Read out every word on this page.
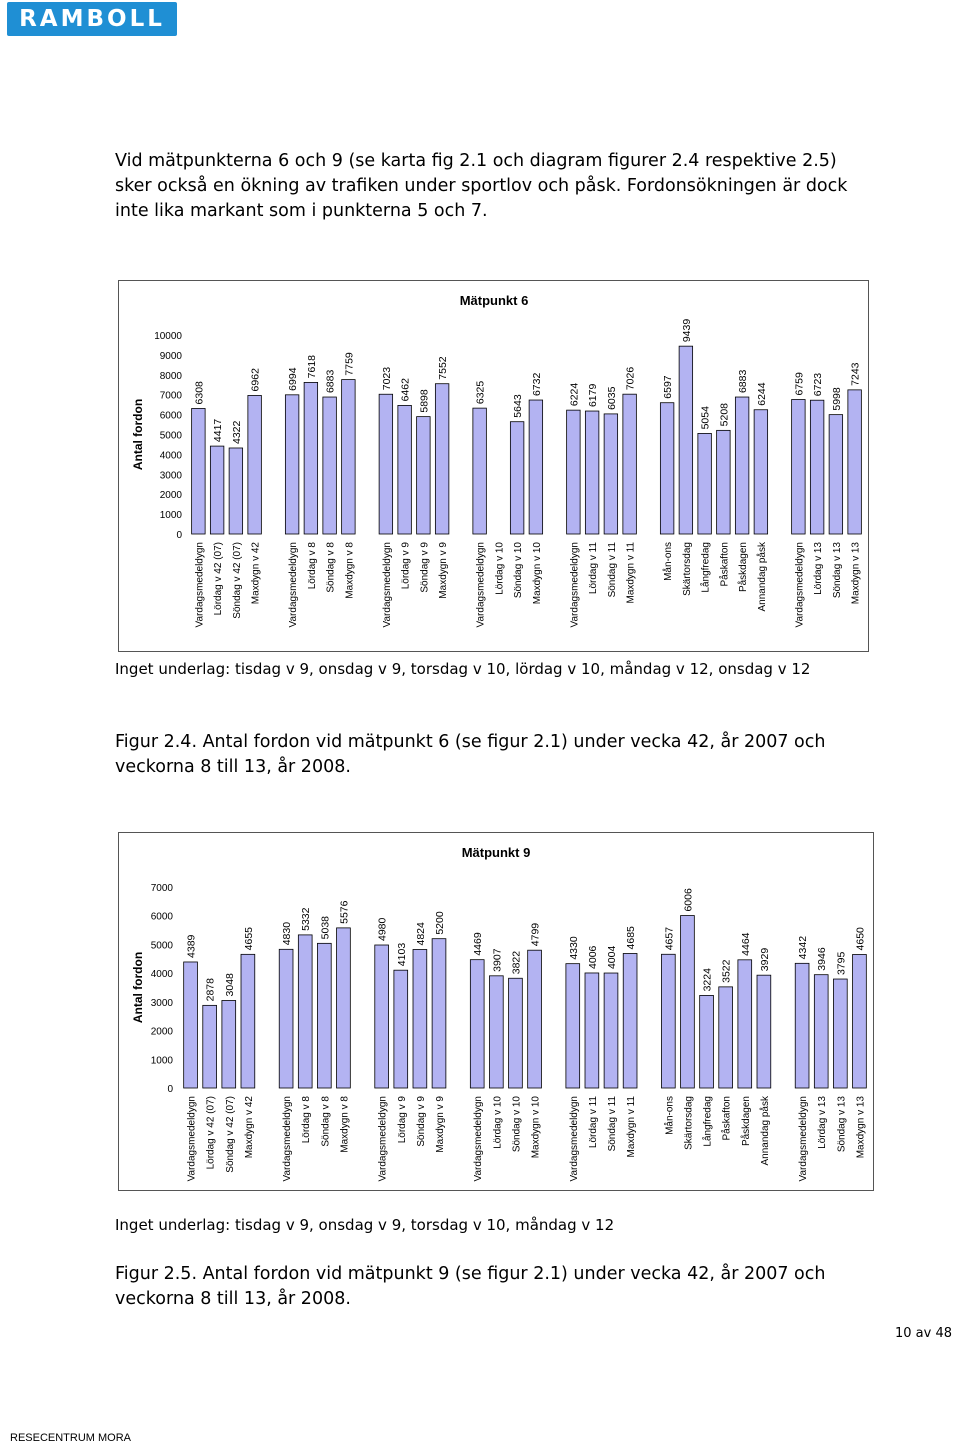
RAMBOLL

Vid mätpunkterna 6 och 9 (se karta fig 2.1 och diagram figurer 2.4 respektive 2.5) sker också en ökning av trafiken under sportlov och påsk. Fordonsökningen är dock inte lika markant som i punkterna 5 och 7.

Mätpunkt 6
Antal fordon
0
1000
2000
3000
4000
5000
6000
7000
8000
9000
10000
6308
Vardagsmedeldygn
4417
Lördag v 42 (07)
4322
Söndag v 42 (07)
6962
Maxdygn v 42
6994
Vardagsmedeldygn
7618
Lördag v 8
6883
Söndag v 8
7759
Maxdygn v 8
7023
Vardagsmedeldygn
6462
Lördag v 9
5898
Söndag v 9
7552
Maxdygn v 9
6325
Vardagsmedeldygn Lördag v 10
5643
Söndag v 10
6732
Maxdygn v 10
6224
Vardagsmedeldygn
6179
Lördag v 11
6035
Söndag v 11
7026
Maxdygn v 11
6597
Mån-ons
9439
Skärtorsdag
5054
Långfredag
5208
Påskafton
6883
Påskdagen
6244
Annandag påsk
6759
Vardagsmedeldygn
6723
Lördag v 13
5998
Söndag v 13
7243
Maxdygn v 13

Inget underlag: tisdag v 9, onsdag v 9, torsdag v 10, lördag v 10, måndag v 12, onsdag v 12

Figur 2.4. Antal fordon vid mätpunkt 6 (se figur 2.1) under vecka 42, år 2007 och veckorna 8 till 13, år 2008.

Mätpunkt 9
Antal fordon
0
1000
2000
3000
4000
5000
6000
7000
4389
Vardagsmedeldygn
2878
Lördag v 42 (07)
3048
Söndag v 42 (07)
4655
Maxdygn v 42
4830
Vardagsmedeldygn
5332
Lördag v 8
5038
Söndag v 8
5576
Maxdygn v 8
4980
Vardagsmedeldygn
4103
Lördag v 9
4824
Söndag v 9
5200
Maxdygn v 9
4469
Vardagsmedeldygn
3907
Lördag v 10
3822
Söndag v 10
4799
Maxdygn v 10
4330
Vardagsmedeldygn
4006
Lördag v 11
4004
Söndag v 11
4685
Maxdygn v 11
4657
Mån-ons
6006
Skärtorsdag
3224
Långfredag
3522
Påskafton
4464
Påskdagen
3929
Annandag påsk
4342
Vardagsmedeldygn
3946
Lördag v 13
3795
Söndag v 13
4650
Maxdygn v 13

Inget underlag: tisdag v 9, onsdag v 9, torsdag v 10, måndag v 12

Figur 2.5. Antal fordon vid mätpunkt 9 (se figur 2.1) under vecka 42, år 2007 och veckorna 8 till 13, år 2008.

10 av 48
RESECENTRUM MORA
